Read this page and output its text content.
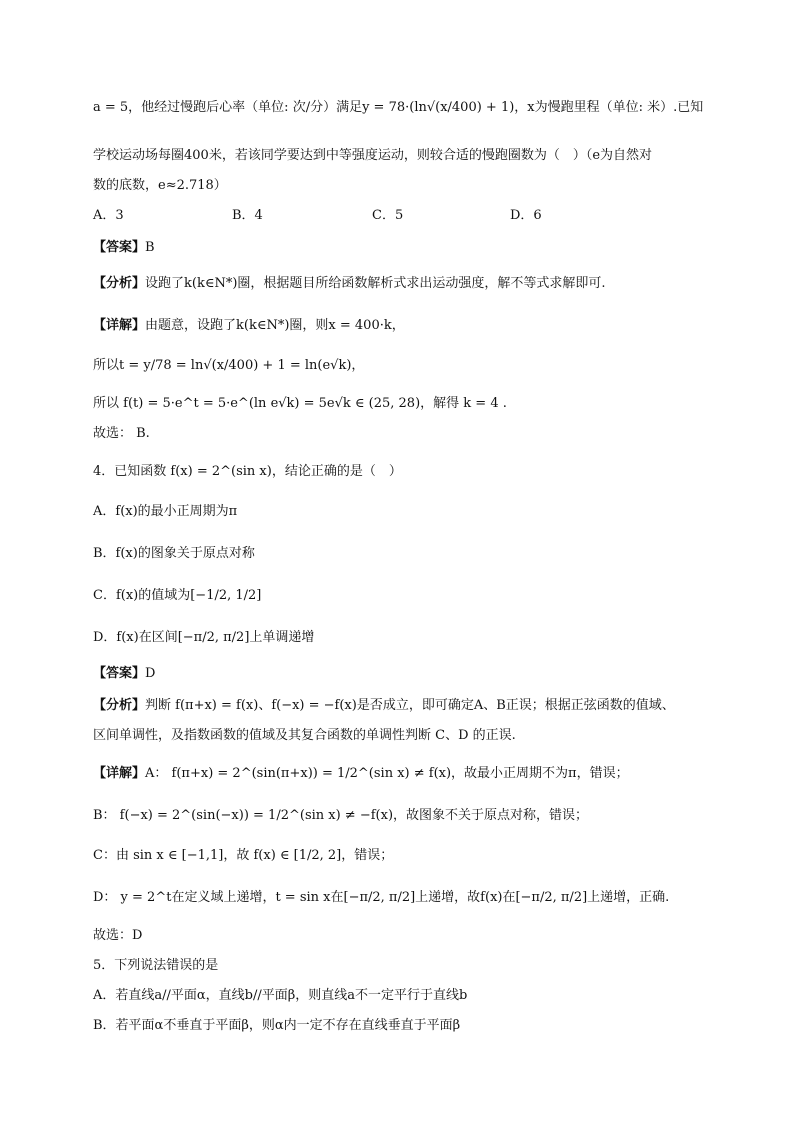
a = 5，他经过慢跑后心率（单位: 次/分）满足y = 78·(ln√(x/400) + 1)，x为慢跑里程（单位: 米）.已知
学校运动场每圈400米，若该同学要达到中等强度运动，则较合适的慢跑圈数为（　）（e为自然对
数的底数，e≈2.718）
A．3	B．4	C．5	D．6
【答案】B
【分析】设跑了k(k∈N*)圈，根据题目所给函数解析式求出运动强度，解不等式求解即可.
【详解】由题意，设跑了k(k∈N*)圈，则x = 400·k，
所以t = y/78 = ln√(x/400) + 1 = ln(e√k)，
所以 f(t) = 5·e^t = 5·e^(ln e√k) = 5e√k ∈ (25, 28)，解得 k = 4 .
故选： B.
4．已知函数 f(x) = 2^(sin x)，结论正确的是（　）
A．f(x)的最小正周期为π
B．f(x)的图象关于原点对称
C．f(x)的值域为[−1/2, 1/2]
D．f(x)在区间[−π/2, π/2]上单调递增
【答案】D
【分析】判断 f(π+x) = f(x)、f(−x) = −f(x)是否成立，即可确定A、B正误；根据正弦函数的值域、
区间单调性，及指数函数的值域及其复合函数的单调性判断 C、D 的正误.
【详解】A： f(π+x) = 2^(sin(π+x)) = 1/2^(sin x) ≠ f(x)，故最小正周期不为π，错误；
B： f(−x) = 2^(sin(−x)) = 1/2^(sin x) ≠ −f(x)，故图象不关于原点对称，错误；
C：由 sin x ∈ [−1,1]，故 f(x) ∈ [1/2, 2]，错误；
D： y = 2^t在定义域上递增，t = sin x在[−π/2, π/2]上递增，故f(x)在[−π/2, π/2]上递增，正确.
故选：D
5．下列说法错误的是
A．若直线a//平面α，直线b//平面β，则直线a不一定平行于直线b
B．若平面α不垂直于平面β，则α内一定不存在直线垂直于平面β
